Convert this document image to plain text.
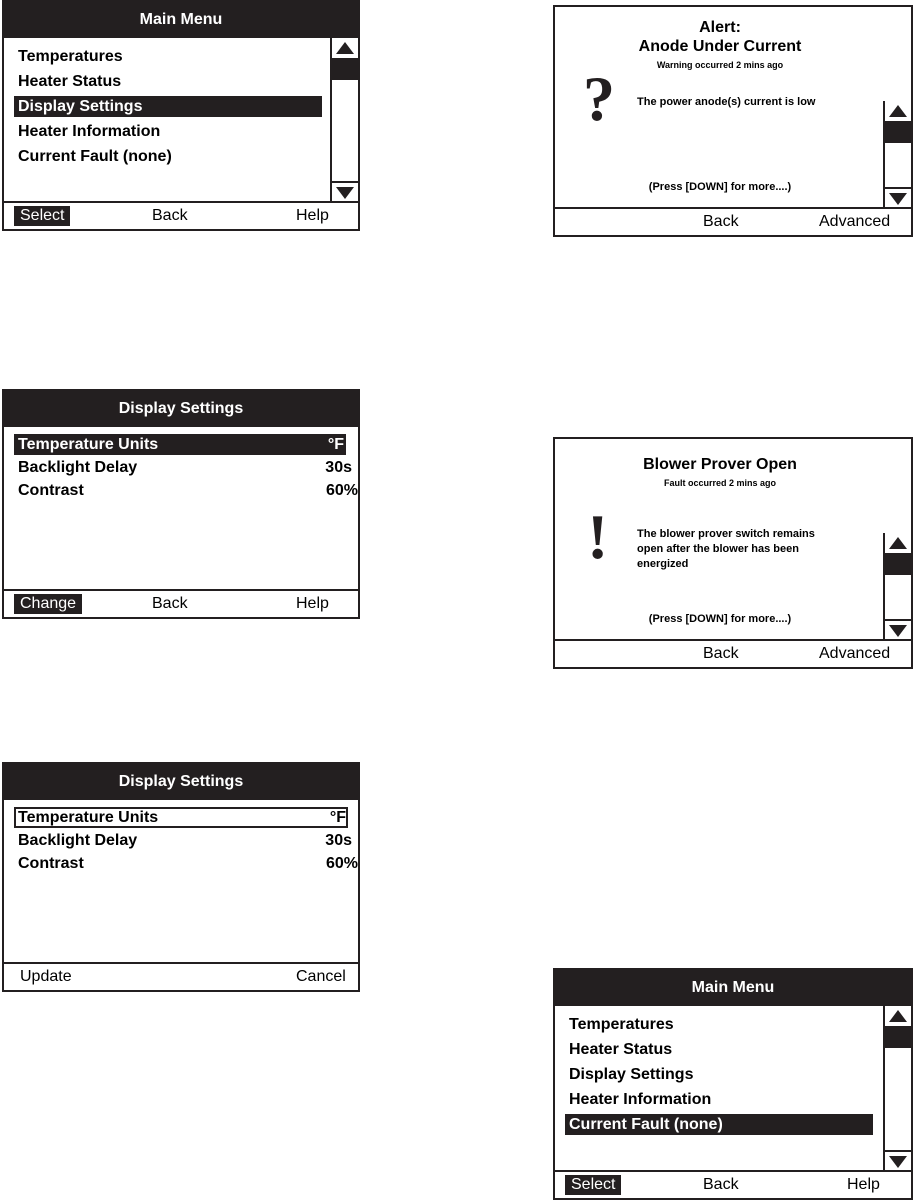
Main Menu
Temperatures
Heater Status
Display Settings
Heater Information
Current Fault (none)
Select	Back	Help
Display Settings
Temperature Units	°F
Backlight Delay	30s
Contrast	60%
Change	Back	Help
Display Settings
Temperature Units	°F
Backlight Delay	30s
Contrast	60%
Update	Cancel
Alert:
Anode Under Current
Warning occurred 2 mins ago
? The power anode(s) current is low
(Press [DOWN] for more....)
Back	Advanced
Blower Prover Open
Fault occurred 2 mins ago
!	The blower prover switch remains
open after the blower has been
energized
(Press [DOWN] for more....)
Back	Advanced
Main Menu
Temperatures
Heater Status
Display Settings
Heater Information
Current Fault (none)
Select	Back	Help
